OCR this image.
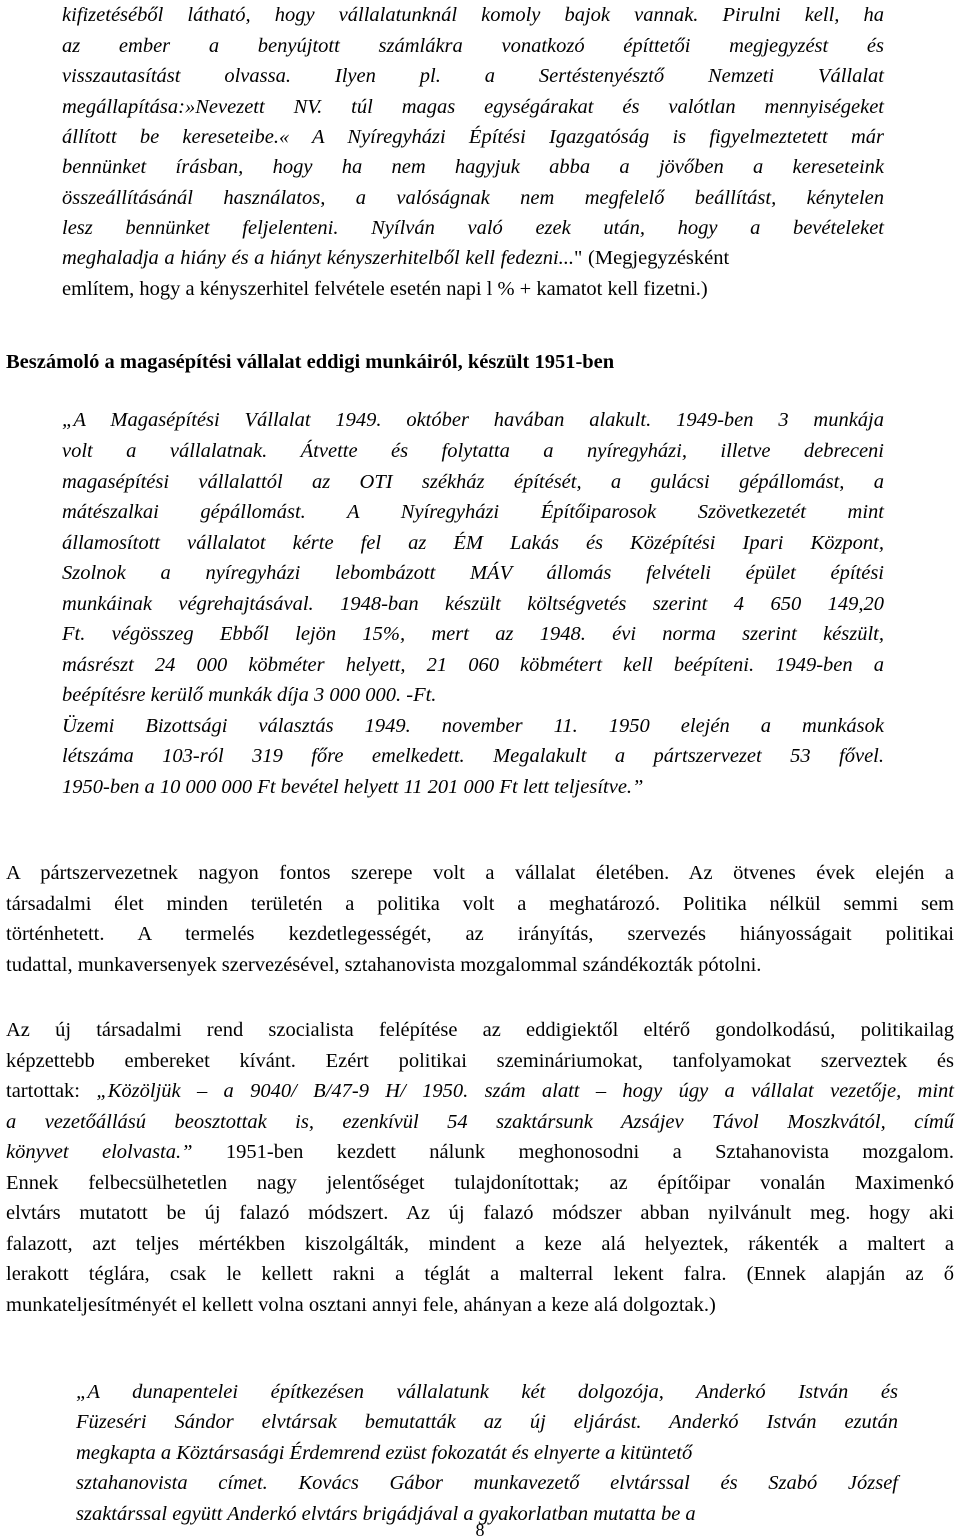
kifizetéséből látható, hogy vállalatunknál komoly bajok vannak. Pirulni kell, ha

az ember a benyújtott számlákra vonatkozó építtetői megjegyzést és

visszautasítást olvassa. Ilyen pl. a Sertéstenyésztő Nemzeti Vállalat

megállapítása:»Nevezett NV. túl magas egységárakat és valótlan mennyiségeket

állított be kereseteibe.« A Nyíregyházi Építési Igazgatóság is figyelmeztetett már

bennünket írásban, hogy ha nem hagyjuk abba a jövőben a kereseteink

összeállításánál használatos, a valóságnak nem megfelelő beállítást, kénytelen

lesz bennünket feljelenteni. Nyílván való ezek után, hogy a bevételeket

meghaladja a hiány és a hiányt kényszerhitelből kell fedezni..." (Megjegyzésként

említem, hogy a kényszerhitel felvétele esetén napi l % + kamatot kell fizetni.)

Beszámoló a magasépítési vállalat eddigi munkáiról, készült 1951-ben

„A Magasépítési Vállalat 1949. október havában alakult. 1949-ben 3 munkája

volt a vállalatnak. Átvette és folytatta a nyíregyházi, illetve debreceni

magasépítési vállalattól az OTI székház építését, a gulácsi gépállomást, a

mátészalkai gépállomást. A Nyíregyházi Építőiparosok Szövetkezetét mint

államosított vállalatot kérte fel az ÉM Lakás és Középítési Ipari Központ,

Szolnok a nyíregyházi lebombázott MÁV állomás felvételi épület építési

munkáinak végrehajtásával. 1948-ban készült költségvetés szerint 4 650 149,20

Ft. végösszeg Ebből lejön 15%, mert az 1948. évi norma szerint készült,

másrészt 24 000 köbméter helyett, 21 060 köbmétert kell beépíteni. 1949-ben a

beépítésre kerülő munkák díja 3 000 000. -Ft.

Üzemi Bizottsági választás 1949. november 11. 1950 elején a munkások

létszáma 103-ról 319 főre emelkedett. Megalakult a pártszervezet 53 fővel.

1950-ben a 10 000 000 Ft bevétel helyett 11 201 000 Ft lett teljesítve.”

A pártszervezetnek nagyon fontos szerepe volt a vállalat életében. Az ötvenes évek elején a

társadalmi élet minden területén a politika volt a meghatározó. Politika nélkül semmi sem

történhetett. A termelés kezdetlegességét, az irányítás, szervezés hiányosságait politikai

tudattal, munkaversenyek szervezésével, sztahanovista mozgalommal szándékozták pótolni.

Az új társadalmi rend szocialista felépítése az eddigiektől eltérő gondolkodású, politikailag

képzettebb embereket kívánt. Ezért politikai szemináriumokat, tanfolyamokat szerveztek és

tartottak: „Közöljük – a 9040/ B/47-9 H/ 1950. szám alatt – hogy úgy a vállalat vezetője, mint

a vezetőállású beosztottak is, ezenkívül 54 szaktársunk Azsájev Távol Moszkvától, című

könyvet elolvasta.” 1951-ben kezdett nálunk meghonosodni a Sztahanovista mozgalom.

Ennek felbecsülhetetlen nagy jelentőséget tulajdonítottak; az építőipar vonalán Maximenkó

elvtárs mutatott be új falazó módszert. Az új falazó módszer abban nyilvánult meg. hogy aki

falazott, azt teljes mértékben kiszolgálták, mindent a keze alá helyeztek, rákenték a maltert a

lerakott téglára, csak le kellett rakni a téglát a malterral lekent falra. (Ennek alapján az ő

munkateljesítményét el kellett volna osztani annyi fele, ahányan a keze alá dolgoztak.)

„A dunapentelei építkezésen vállalatunk két dolgozója, Anderkó István és

Füzeséri Sándor elvtársak bemutatták az új eljárást. Anderkó István ezután

megkapta a Köztársasági Érdemrend ezüst fokozatát és elnyerte a kitüntető

sztahanovista címet. Kovács Gábor munkavezető elvtárssal és Szabó József

szaktárssal együtt Anderkó elvtárs brigádjával a gyakorlatban mutatta be a

8
